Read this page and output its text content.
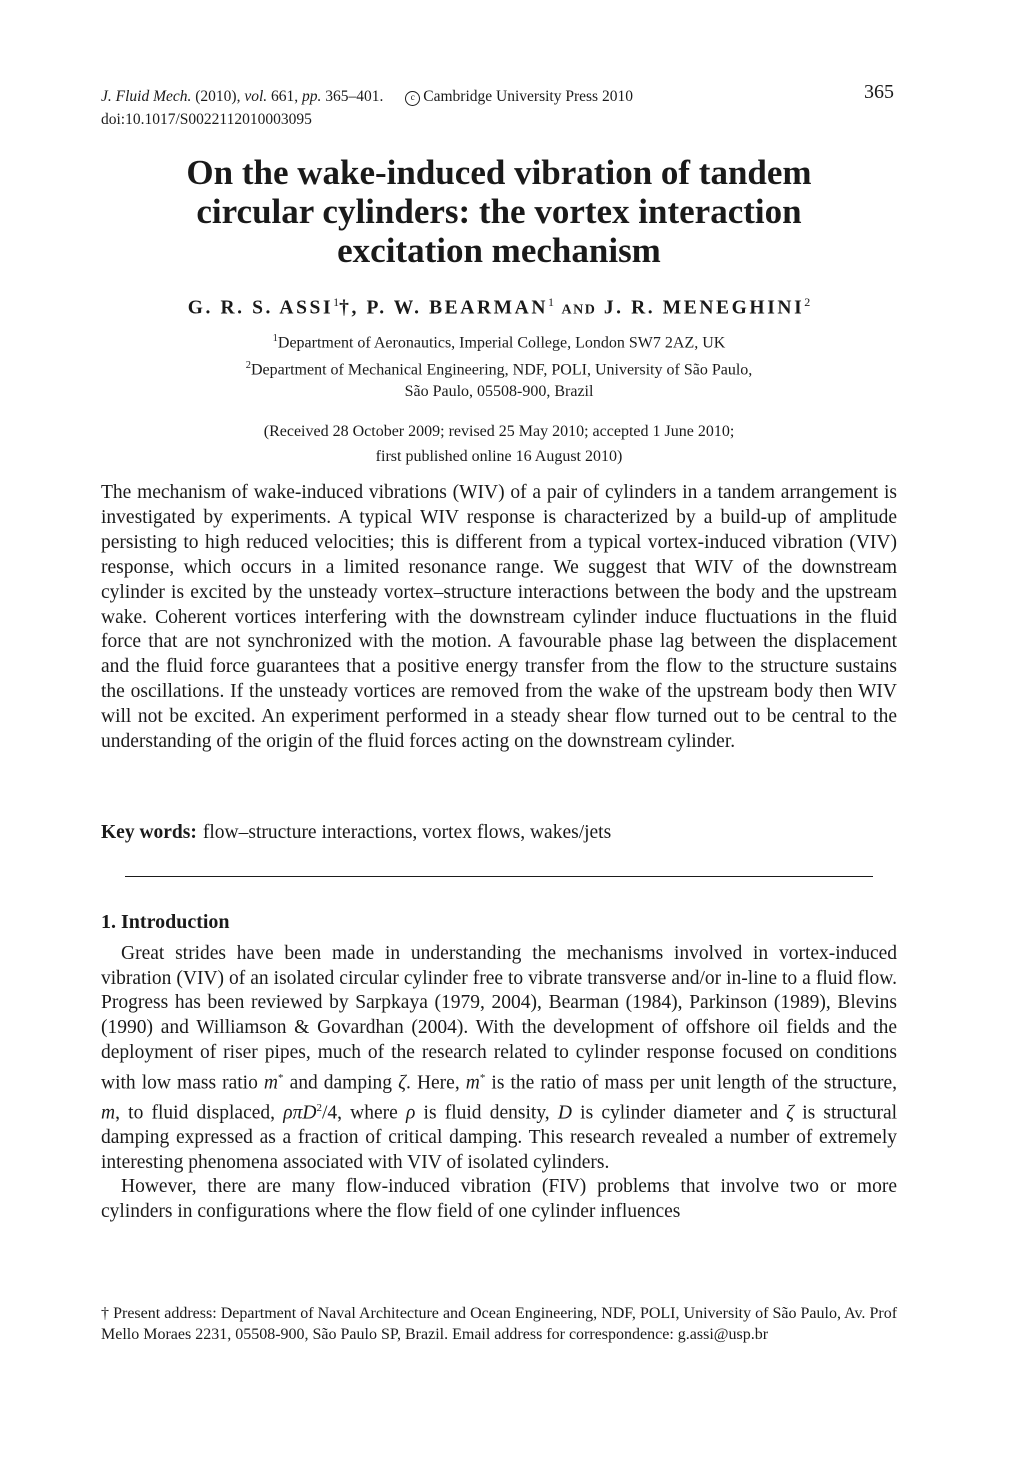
J. Fluid Mech. (2010), vol. 661, pp. 365–401.	c Cambridge University Press 2010
doi:10.1017/S0022112010003095
365
On the wake-induced vibration of tandem
circular cylinders: the vortex interaction
excitation mechanism
G. R. S. ASSI$^1$†, P. W. BEARMAN$^1$ AND J. R. MENEGHINI$^2$
$^1$Department of Aeronautics, Imperial College, London SW7 2AZ, UK
$^2$Department of Mechanical Engineering, NDF, POLI, University of São Paulo,
São Paulo, 05508-900, Brazil
(Received 28 October 2009; revised 25 May 2010; accepted 1 June 2010;
first published online 16 August 2010)
The mechanism of wake-induced vibrations (WIV) of a pair of cylinders in a tandem arrangement is investigated by experiments. A typical WIV response is characterized by a build-up of amplitude persisting to high reduced velocities; this is different from a typical vortex-induced vibration (VIV) response, which occurs in a limited resonance range. We suggest that WIV of the downstream cylinder is excited by the unsteady vortex–structure interactions between the body and the upstream wake. Coherent vortices interfering with the downstream cylinder induce fluctuations in the fluid force that are not synchronized with the motion. A favourable phase lag between the displacement and the fluid force guarantees that a positive energy transfer from the flow to the structure sustains the oscillations. If the unsteady vortices are removed from the wake of the upstream body then WIV will not be excited. An experiment performed in a steady shear flow turned out to be central to the understanding of the origin of the fluid forces acting on the downstream cylinder.
Key words: flow–structure interactions, vortex flows, wakes/jets
1. Introduction

Great strides have been made in understanding the mechanisms involved in vortex-induced vibration (VIV) of an isolated circular cylinder free to vibrate transverse and/or in-line to a fluid flow. Progress has been reviewed by Sarpkaya (1979, 2004), Bearman (1984), Parkinson (1989), Blevins (1990) and Williamson & Govardhan (2004). With the development of offshore oil fields and the deployment of riser pipes, much of the research related to cylinder response focused on conditions with low mass ratio m* and damping ζ. Here, m* is the ratio of mass per unit length of the structure, m, to fluid displaced, ρπD$^2$/4, where ρ is fluid density, D is cylinder diameter and ζ is structural damping expressed as a fraction of critical damping. This research revealed a number of extremely interesting phenomena associated with VIV of isolated cylinders.

However, there are many flow-induced vibration (FIV) problems that involve two or more cylinders in configurations where the flow field of one cylinder influences

† Present address: Department of Naval Architecture and Ocean Engineering, NDF, POLI, University of São Paulo, Av. Prof Mello Moraes 2231, 05508-900, São Paulo SP, Brazil. Email address for correspondence: g.assi@usp.br
